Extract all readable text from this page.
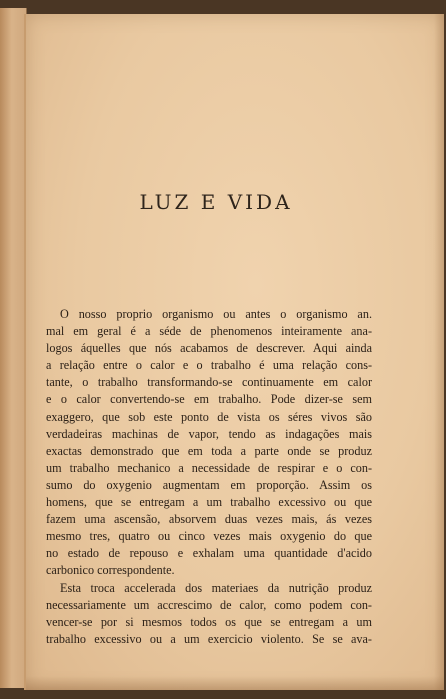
LUZ E VIDA

O nosso proprio organismo ou antes o organismo an.
mal em geral é a séde de phenomenos inteiramente ana-
logos áquelles que nós acabamos de descrever. Aqui ainda
a relação entre o calor e o trabalho é uma relação cons-
tante, o trabalho transformando-se continuamente em calor
e o calor convertendo-se em trabalho. Pode dizer-se sem
exaggero, que sob este ponto de vista os séres vivos são
verdadeiras machinas de vapor, tendo as indagações mais
exactas demonstrado que em toda a parte onde se produz
um trabalho mechanico a necessidade de respirar e o con-
sumo do oxygenio augmentam em proporção. Assim os
homens, que se entregam a um trabalho excessivo ou que
fazem uma ascensão, absorvem duas vezes mais, ás vezes
mesmo tres, quatro ou cinco vezes mais oxygenio do que
no estado de repouso e exhalam uma quantidade d'acido
carbonico correspondente.

Esta troca accelerada dos materiaes da nutrição produz
necessariamente um accrescimo de calor, como podem con-
vencer-se por si mesmos todos os que se entregam a um
trabalho excessivo ou a um exercicio violento. Se se ava-
